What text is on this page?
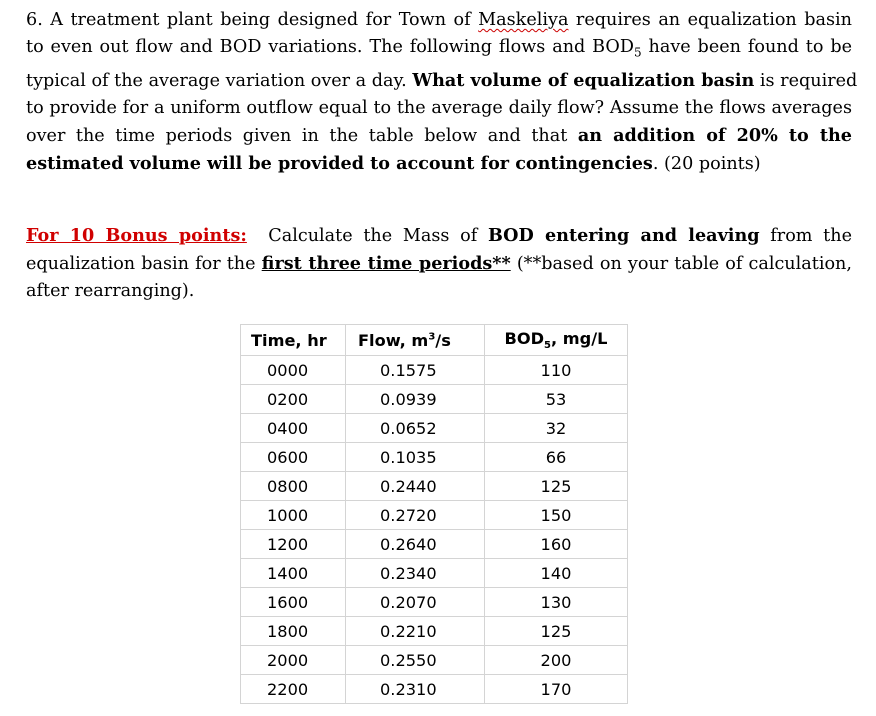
6. A treatment plant being designed for Town of Maskeliya requires an equalization basin
to even out flow and BOD variations. The following flows and $BOD_5$ have been found to be
typical of the average variation over a day. What volume of equalization basin is required
to provide for a uniform outflow equal to the average daily flow? Assume the flows averages
over the time periods given in the table below and that an addition of 20% to the
estimated volume will be provided to account for contingencies. (20 points)
For 10 Bonus points:  Calculate the Mass of BOD entering and leaving from the
equalization basin for the first three time periods** (**based on your table of calculation,
after rearranging).
Time, hr	Flow, $m^3/s$	$BOD_5$, mg/L
0000	0.1575	110
0200	0.0939	53
0400	0.0652	32
0600	0.1035	66
0800	0.2440	125
1000	0.2720	150
1200	0.2640	160
1400	0.2340	140
1600	0.2070	130
1800	0.2210	125
2000	0.2550	200
2200	0.2310	170
